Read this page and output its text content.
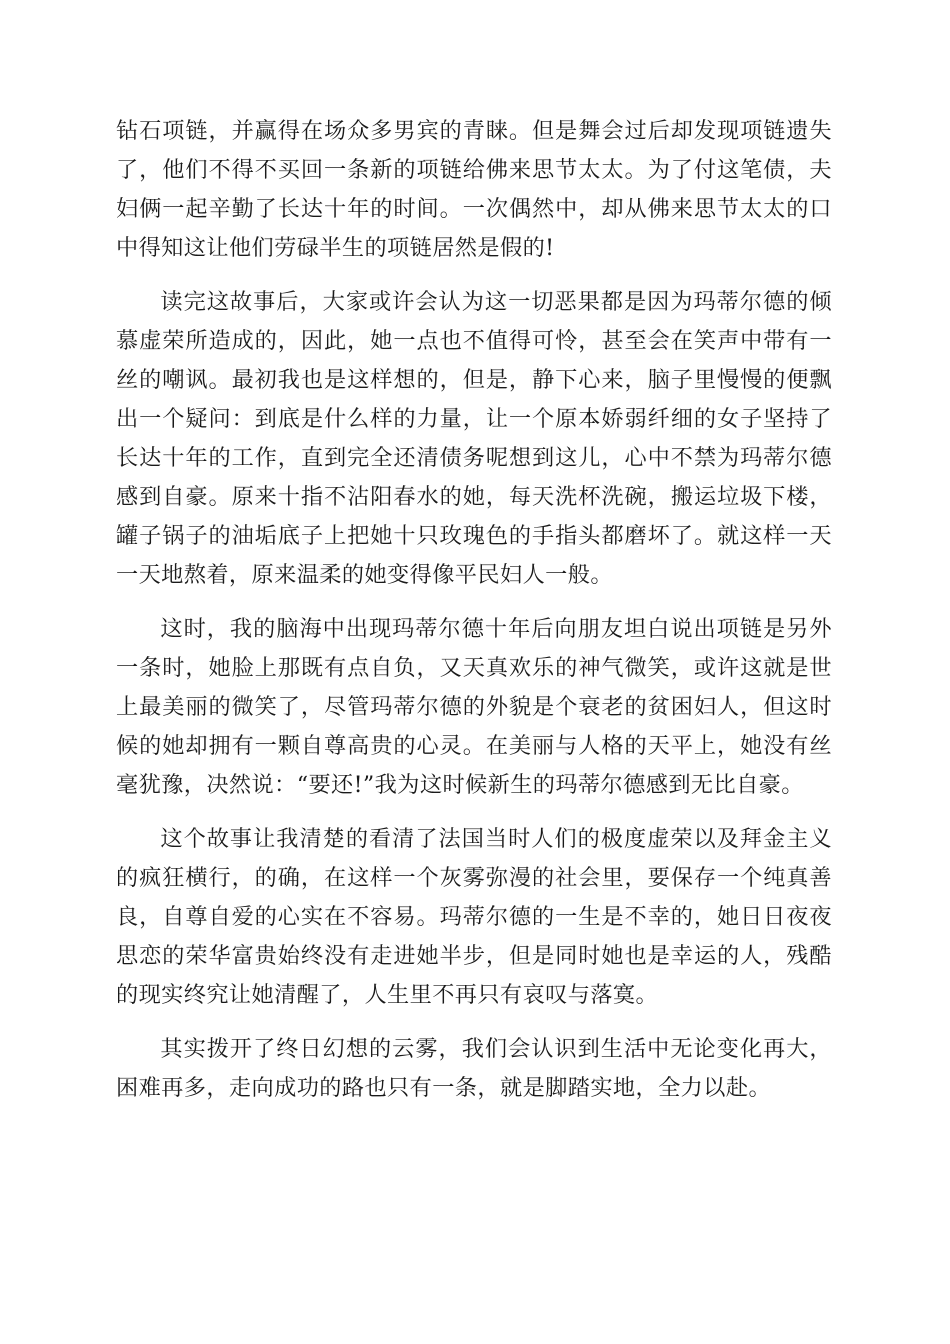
钻石项链，并赢得在场众多男宾的青睐。但是舞会过后却发现项链遗失了，他们不得不买回一条新的项链给佛来思节太太。为了付这笔债，夫妇俩一起辛勤了长达十年的时间。一次偶然中，却从佛来思节太太的口中得知这让他们劳碌半生的项链居然是假的!

读完这故事后，大家或许会认为这一切恶果都是因为玛蒂尔德的倾慕虚荣所造成的，因此，她一点也不值得可怜，甚至会在笑声中带有一丝的嘲讽。最初我也是这样想的，但是，静下心来，脑子里慢慢的便飘出一个疑问：到底是什么样的力量，让一个原本娇弱纤细的女子坚持了长达十年的工作，直到完全还清债务呢想到这儿，心中不禁为玛蒂尔德感到自豪。原来十指不沾阳春水的她，每天洗杯洗碗，搬运垃圾下楼，罐子锅子的油垢底子上把她十只玫瑰色的手指头都磨坏了。就这样一天一天地熬着，原来温柔的她变得像平民妇人一般。

这时，我的脑海中出现玛蒂尔德十年后向朋友坦白说出项链是另外一条时，她脸上那既有点自负，又天真欢乐的神气微笑，或许这就是世上最美丽的微笑了，尽管玛蒂尔德的外貌是个衰老的贫困妇人，但这时候的她却拥有一颗自尊高贵的心灵。在美丽与人格的天平上，她没有丝毫犹豫，决然说：“要还!”我为这时候新生的玛蒂尔德感到无比自豪。

这个故事让我清楚的看清了法国当时人们的极度虚荣以及拜金主义的疯狂横行，的确，在这样一个灰雾弥漫的社会里，要保存一个纯真善良，自尊自爱的心实在不容易。玛蒂尔德的一生是不幸的，她日日夜夜思恋的荣华富贵始终没有走进她半步，但是同时她也是幸运的人，残酷的现实终究让她清醒了，人生里不再只有哀叹与落寞。

其实拨开了终日幻想的云雾，我们会认识到生活中无论变化再大，困难再多，走向成功的路也只有一条，就是脚踏实地，全力以赴。
